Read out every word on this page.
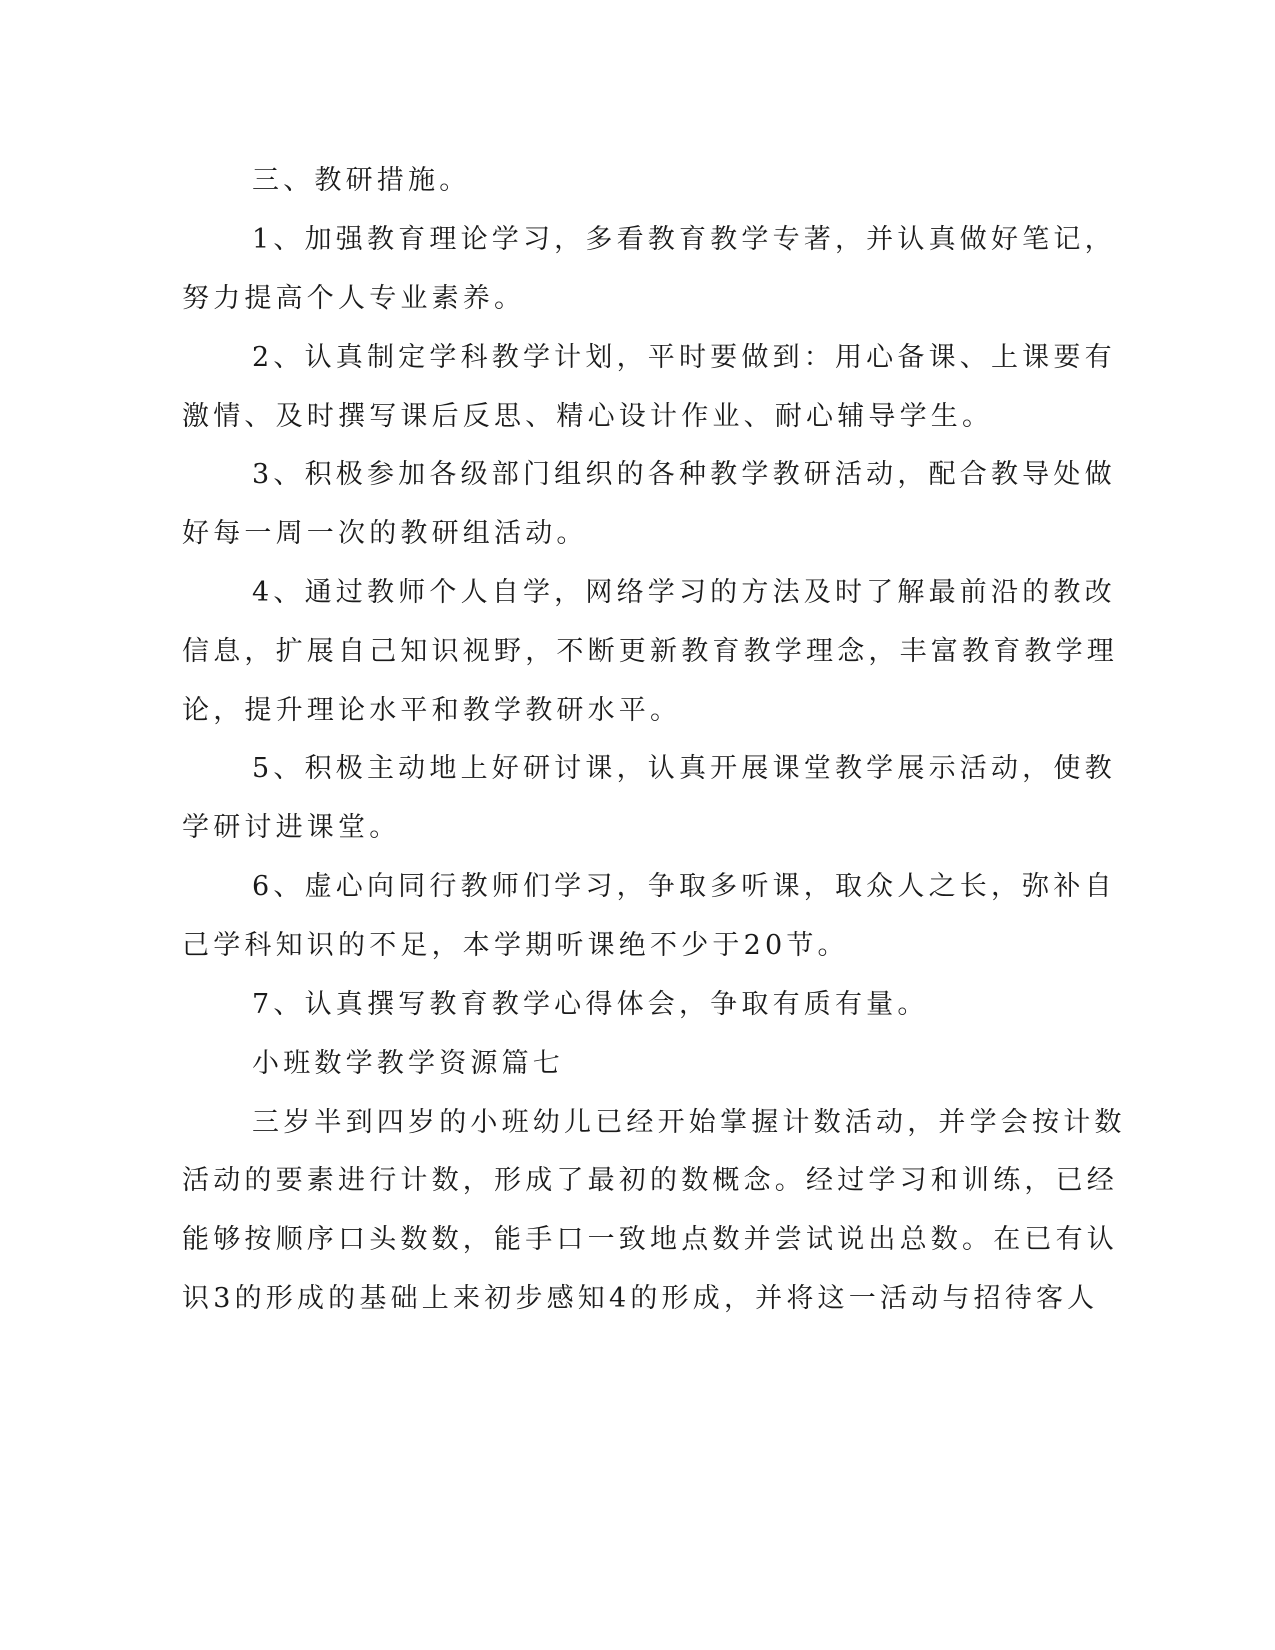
三、教研措施。
1、加强教育理论学习，多看教育教学专著，并认真做好笔记，
努力提高个人专业素养。
2、认真制定学科教学计划，平时要做到：用心备课、上课要有
激情、及时撰写课后反思、精心设计作业、耐心辅导学生。
3、积极参加各级部门组织的各种教学教研活动，配合教导处做
好每一周一次的教研组活动。
4、通过教师个人自学，网络学习的方法及时了解最前沿的教改
信息，扩展自己知识视野，不断更新教育教学理念，丰富教育教学理
论，提升理论水平和教学教研水平。
5、积极主动地上好研讨课，认真开展课堂教学展示活动，使教
学研讨进课堂。
6、虚心向同行教师们学习，争取多听课，取众人之长，弥补自
己学科知识的不足，本学期听课绝不少于20节。
7、认真撰写教育教学心得体会，争取有质有量。
小班数学教学资源篇七
三岁半到四岁的小班幼儿已经开始掌握计数活动，并学会按计数
活动的要素进行计数，形成了最初的数概念。经过学习和训练，已经
能够按顺序口头数数，能手口一致地点数并尝试说出总数。在已有认
识3的形成的基础上来初步感知4的形成，并将这一活动与招待客人
